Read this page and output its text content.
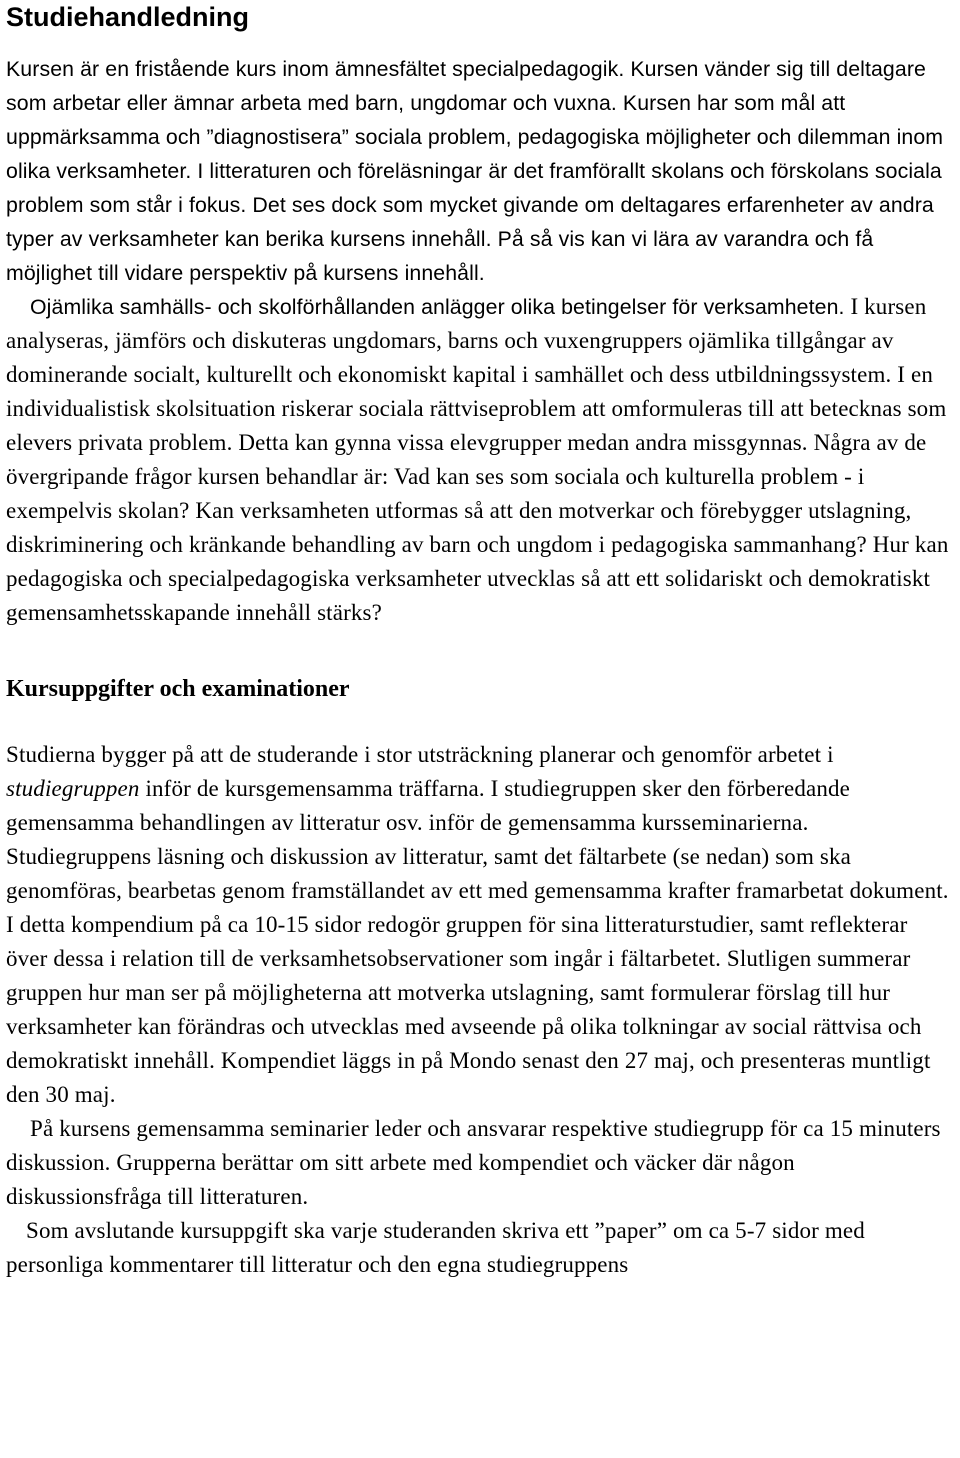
Studiehandledning

Kursen är en fristående kurs inom ämnesfältet specialpedagogik. Kursen vänder sig till deltagare som arbetar eller ämnar arbeta med barn, ungdomar och vuxna. Kursen har som mål att uppmärksamma och ”diagnostisera” sociala problem, pedagogiska möjligheter och dilemman inom olika verksamheter. I litteraturen och föreläsningar är det framförallt skolans och förskolans sociala problem som står i fokus. Det ses dock som mycket givande om deltagares erfarenheter av andra typer av verksamheter kan berika kursens innehåll. På så vis kan vi lära av varandra och få möjlighet till vidare perspektiv på kursens innehåll.

Ojämlika samhälls- och skolförhållanden anlägger olika betingelser för verksamheten. I kursen analyseras, jämförs och diskuteras ungdomars, barns och vuxengruppers ojämlika tillgångar av dominerande socialt, kulturellt och ekonomiskt kapital i samhället och dess utbildningssystem. I en individualistisk skolsituation riskerar sociala rättviseproblem att omformuleras till att betecknas som elevers privata problem. Detta kan gynna vissa elevgrupper medan andra missgynnas. Några av de övergripande frågor kursen behandlar är: Vad kan ses som sociala och kulturella problem - i exempelvis skolan? Kan verksamheten utformas så att den motverkar och förebygger utslagning, diskriminering och kränkande behandling av barn och ungdom i pedagogiska sammanhang? Hur kan pedagogiska och specialpedagogiska verksamheter utvecklas så att ett solidariskt och demokratiskt gemensamhetsskapande innehåll stärks?

Kursuppgifter och examinationer

Studierna bygger på att de studerande i stor utsträckning planerar och genomför arbetet i studiegruppen inför de kursgemensamma träffarna. I studiegruppen sker den förberedande gemensamma behandlingen av litteratur osv. inför de gemensamma kursseminarierna. Studiegruppens läsning och diskussion av litteratur, samt det fältarbete (se nedan) som ska genomföras, bearbetas genom framställandet av ett med gemensamma krafter framarbetat dokument. I detta kompendium på ca 10-15 sidor redogör gruppen för sina litteraturstudier, samt reflekterar över dessa i relation till de verksamhetsobservationer som ingår i fältarbetet. Slutligen summerar gruppen hur man ser på möjligheterna att motverka utslagning, samt formulerar förslag till hur verksamheter kan förändras och utvecklas med avseende på olika tolkningar av social rättvisa och demokratiskt innehåll. Kompendiet läggs in på Mondo senast den 27 maj, och presenteras muntligt den 30 maj.

På kursens gemensamma seminarier leder och ansvarar respektive studiegrupp för ca 15 minuters diskussion. Grupperna berättar om sitt arbete med kompendiet och väcker där någon diskussionsfråga till litteraturen.

Som avslutande kursuppgift ska varje studeranden skriva ett ”paper” om ca 5-7 sidor med personliga kommentarer till litteratur och den egna studiegruppens
